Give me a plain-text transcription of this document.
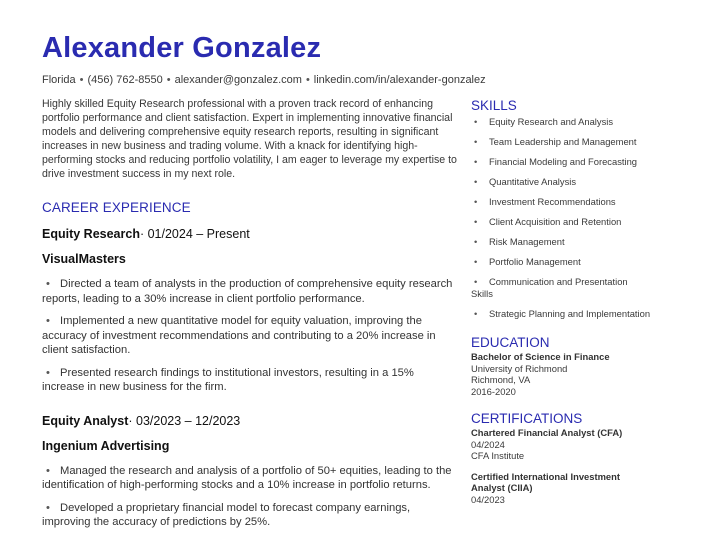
Alexander Gonzalez
Florida • (456) 762-8550 • alexander@gonzalez.com • linkedin.com/in/alexander-gonzalez
Highly skilled Equity Research professional with a proven track record of enhancing portfolio performance and client satisfaction. Expert in implementing innovative financial models and delivering comprehensive equity research reports, resulting in significant increases in new business and trading volume. With a knack for identifying high-performing stocks and reducing portfolio volatility, I am eager to leverage my expertise to drive investment success in my next role.
CAREER EXPERIENCE
Equity Research· 01/2024 – Present
VisualMasters
• Directed a team of analysts in the production of comprehensive equity research reports, leading to a 30% increase in client portfolio performance.
• Implemented a new quantitative model for equity valuation, improving the accuracy of investment recommendations and contributing to a 20% increase in client satisfaction.
• Presented research findings to institutional investors, resulting in a 15% increase in new business for the firm.
Equity Analyst· 03/2023 – 12/2023
Ingenium Advertising
• Managed the research and analysis of a portfolio of 50+ equities, leading to the identification of high-performing stocks and a 10% increase in portfolio returns.
• Developed a proprietary financial model to forecast company earnings, improving the accuracy of predictions by 25%.
SKILLS
• Equity Research and Analysis
• Team Leadership and Management
• Financial Modeling and Forecasting
• Quantitative Analysis
• Investment Recommendations
• Client Acquisition and Retention
• Risk Management
• Portfolio Management
• Communication and Presentation Skills
• Strategic Planning and Implementation
EDUCATION
Bachelor of Science in Finance
University of Richmond
Richmond, VA
2016-2020
CERTIFICATIONS
Chartered Financial Analyst (CFA)
04/2024
CFA Institute
Certified International Investment Analyst (CIIA)
04/2023
